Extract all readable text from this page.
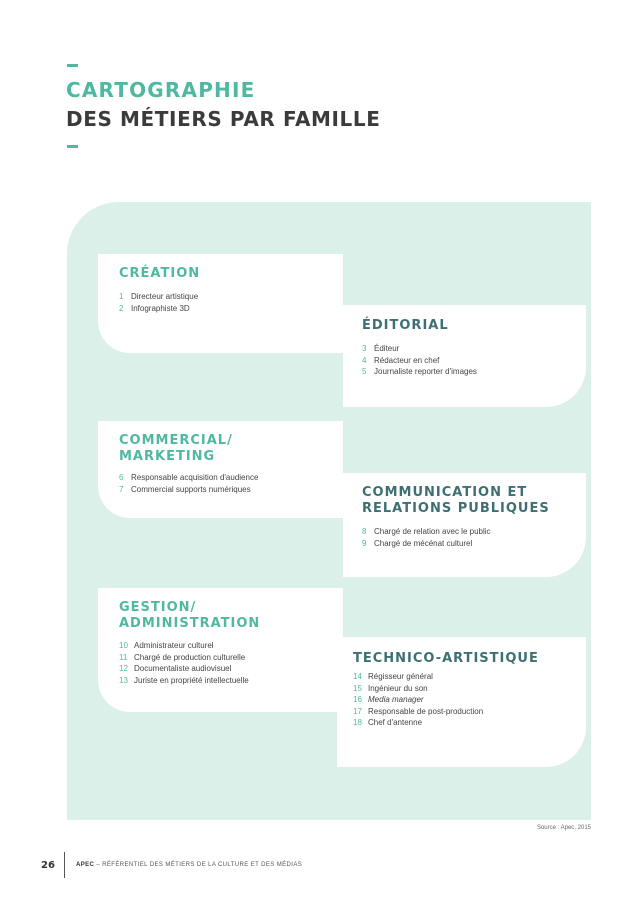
CARTOGRAPHIE
DES MÉTIERS PAR FAMILLE
CRÉATION
1 Directeur artistique
2 Infographiste 3D
ÉDITORIAL
3 Éditeur
4 Rédacteur en chef
5 Journaliste reporter d'images
COMMERCIAL/
MARKETING
6 Responsable acquisition d'audience
7 Commercial supports numériques	COMMUNICATION ET
RELATIONS PUBLIQUES
8 Chargé de relation avec le public
9 Chargé de mécénat culturel
GESTION/
ADMINISTRATION
10 Administrateur culturel
11 Chargé de production culturelle
12 Documentaliste audiovisuel
13 Juriste en propriété intellectuelle
TECHNICO-ARTISTIQUE
14 Régisseur général
15 Ingénieur du son
16 Media manager
17 Responsable de post-production
18 Chef d'antenne
Source : Apec, 2015
26	APEC – RÉFÉRENTIEL DES MÉTIERS DE LA CULTURE ET DES MÉDIAS
